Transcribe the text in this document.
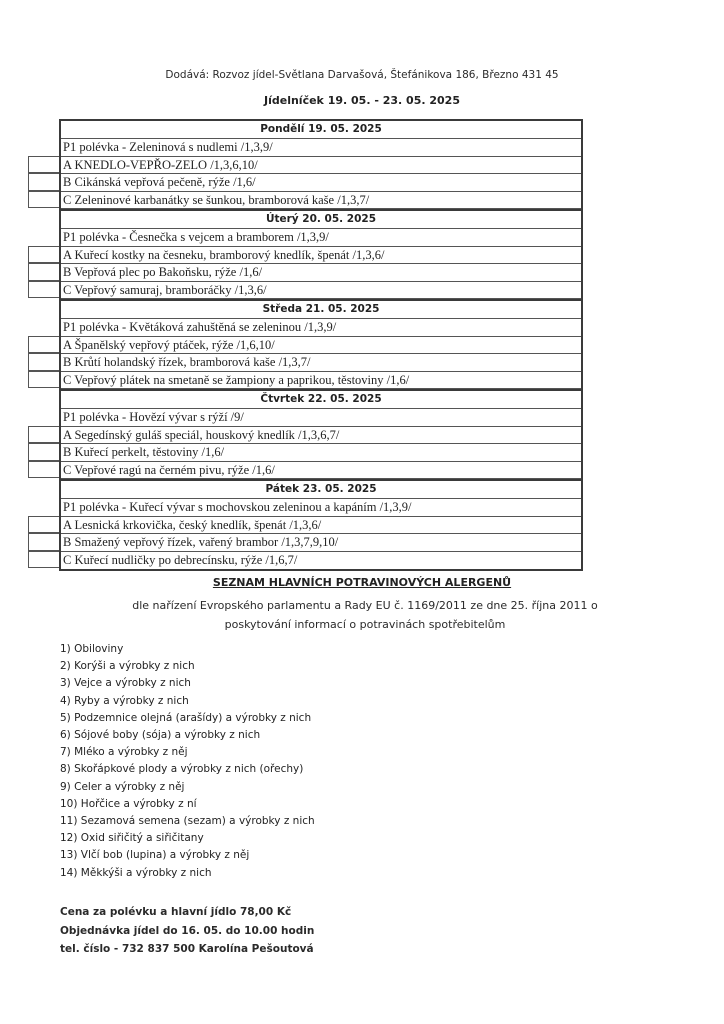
Dodává: Rozvoz jídel-Světlana Darvašová, Štefánikova 186, Březno 431 45
Jídelníček 19. 05. - 23. 05. 2025
Pondělí 19. 05. 2025
P1 polévka - Zeleninová s nudlemi /1,3,9/
A KNEDLO-VEPŘO-ZELO /1,3,6,10/
B Cikánská vepřová pečeně, rýže /1,6/
C Zeleninové karbanátky se šunkou, bramborová kaše /1,3,7/
Úterý 20. 05. 2025
P1 polévka - Česnečka s vejcem a bramborem /1,3,9/
A Kuřecí kostky na česneku, bramborový knedlík, špenát /1,3,6/
B Vepřová plec po Bakoňsku, rýže /1,6/
C Vepřový samuraj, bramboráčky /1,3,6/
Středa 21. 05. 2025
P1 polévka - Květáková zahuštěná se zeleninou /1,3,9/
A Španělský vepřový ptáček, rýže /1,6,10/
B Krůtí holandský řízek, bramborová kaše /1,3,7/
C Vepřový plátek na smetaně se žampiony a paprikou, těstoviny /1,6/
Čtvrtek 22. 05. 2025
P1 polévka - Hovězí vývar s rýží /9/
A Segedínský guláš speciál, houskový knedlík /1,3,6,7/
B Kuřecí perkelt, těstoviny /1,6/
C Vepřové ragú na černém pivu, rýže /1,6/
Pátek 23. 05. 2025
P1 polévka - Kuřecí vývar s mochovskou zeleninou a kapáním /1,3,9/
A Lesnická krkovička, český knedlík, špenát /1,3,6/
B Smažený vepřový řízek, vařený brambor /1,3,7,9,10/
C Kuřecí nudličky po debrecínsku, rýže /1,6,7/
SEZNAM HLAVNÍCH POTRAVINOVÝCH ALERGENŮ
dle nařízení Evropského parlamentu a Rady EU č. 1169/2011 ze dne 25. října 2011 o
poskytování informací o potravinách spotřebitelům
1) Obiloviny
2) Korýši a výrobky z nich
3) Vejce a výrobky z nich
4) Ryby a výrobky z nich
5) Podzemnice olejná (arašídy) a výrobky z nich
6) Sójové boby (sója) a výrobky z nich
7) Mléko a výrobky z něj
8) Skořápkové plody a výrobky z nich (ořechy)
9) Celer a výrobky z něj
10) Hořčice a výrobky z ní
11) Sezamová semena (sezam) a výrobky z nich
12) Oxid siřičitý a siřičitany
13) Vlčí bob (lupina) a výrobky z něj
14) Měkkýši a výrobky z nich
Cena za polévku a hlavní jídlo 78,00 Kč
Objednávka jídel do 16. 05. do 10.00 hodin
tel. číslo - 732 837 500 Karolína Pešoutová
